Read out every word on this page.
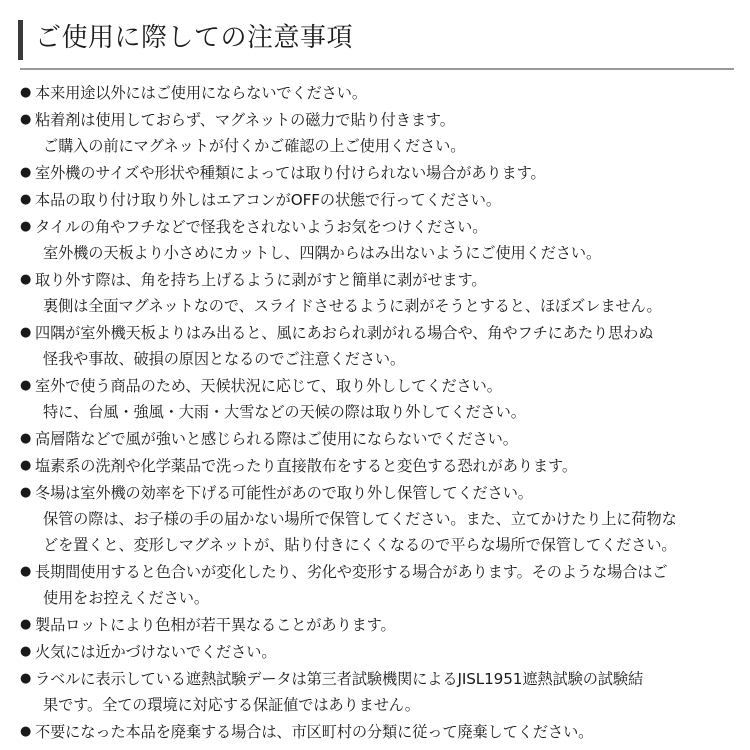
ご使用に際しての注意事項
● 本来用途以外にはご使用にならないでください。
● 粘着剤は使用しておらず、マグネットの磁力で貼り付きます。
ご購入の前にマグネットが付くかご確認の上ご使用ください。
● 室外機のサイズや形状や種類によっては取り付けられない場合があります。
● 本品の取り付け取り外しはエアコンがOFFの状態で行ってください。
● タイルの角やフチなどで怪我をされないようお気をつけください。
室外機の天板より小さめにカットし、四隅からはみ出ないようにご使用ください。
● 取り外す際は、角を持ち上げるように剥がすと簡単に剥がせます。
裏側は全面マグネットなので、スライドさせるように剥がそうとすると、ほぼズレません。
● 四隅が室外機天板よりはみ出ると、風にあおられ剥がれる場合や、角やフチにあたり思わぬ
怪我や事故、破損の原因となるのでご注意ください。
● 室外で使う商品のため、天候状況に応じて、取り外ししてください。
特に、台風・強風・大雨・大雪などの天候の際は取り外してください。
● 高層階などで風が強いと感じられる際はご使用にならないでください。
● 塩素系の洗剤や化学薬品で洗ったり直接散布をすると変色する恐れがあります。
● 冬場は室外機の効率を下げる可能性があので取り外し保管してください。
保管の際は、お子様の手の届かない場所で保管してください。また、立てかけたり上に荷物な
どを置くと、変形しマグネットが、貼り付きにくくなるので平らな場所で保管してください。
● 長期間使用すると色合いが変化したり、劣化や変形する場合があります。そのような場合はご
使用をお控えください。
● 製品ロットにより色相が若干異なることがあります。
● 火気には近かづけないでください。
● ラベルに表示している遮熱試験データは第三者試験機関によるJISL1951遮熱試験の試験結
果です。全ての環境に対応する保証値ではありません。
● 不要になった本品を廃棄する場合は、市区町村の分類に従って廃棄してください。
